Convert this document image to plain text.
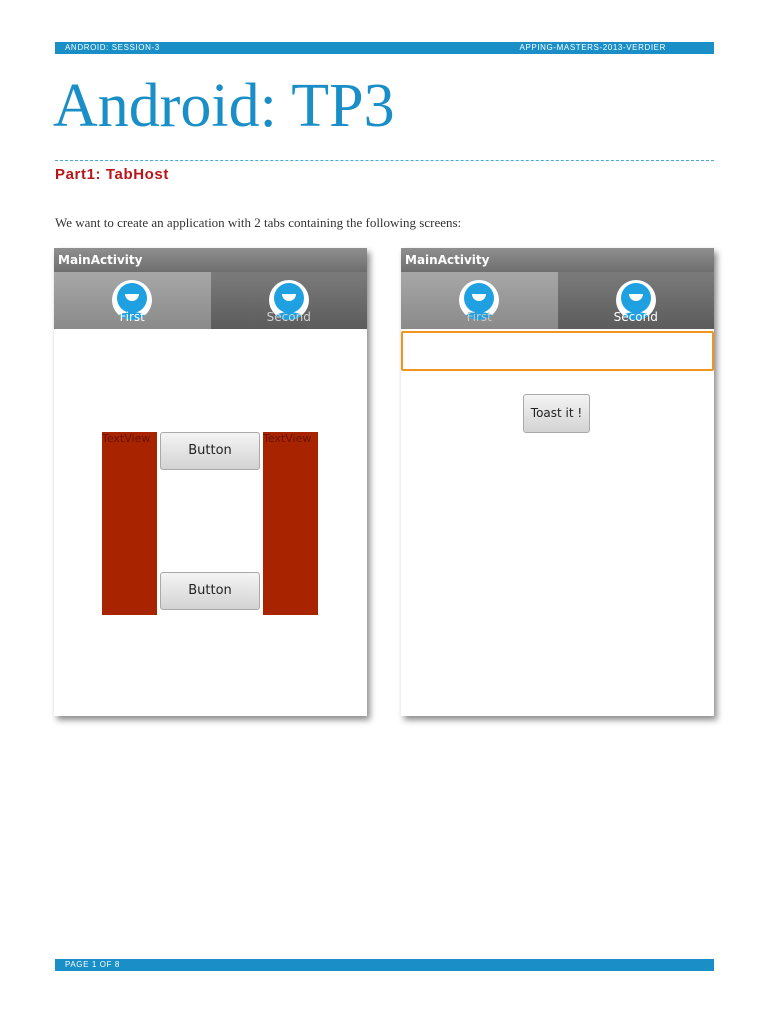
ANDROID: SESSION-3	APPING-MASTERS-2013-VERDIER
Android: TP3
Part1: TabHost
We want to create an application with 2 tabs containing the following screens:
MainActivity
First	Second
TextView	TextView
Button
Button
MainActivity
First	Second
Toast it !
PAGE 1 OF 8
